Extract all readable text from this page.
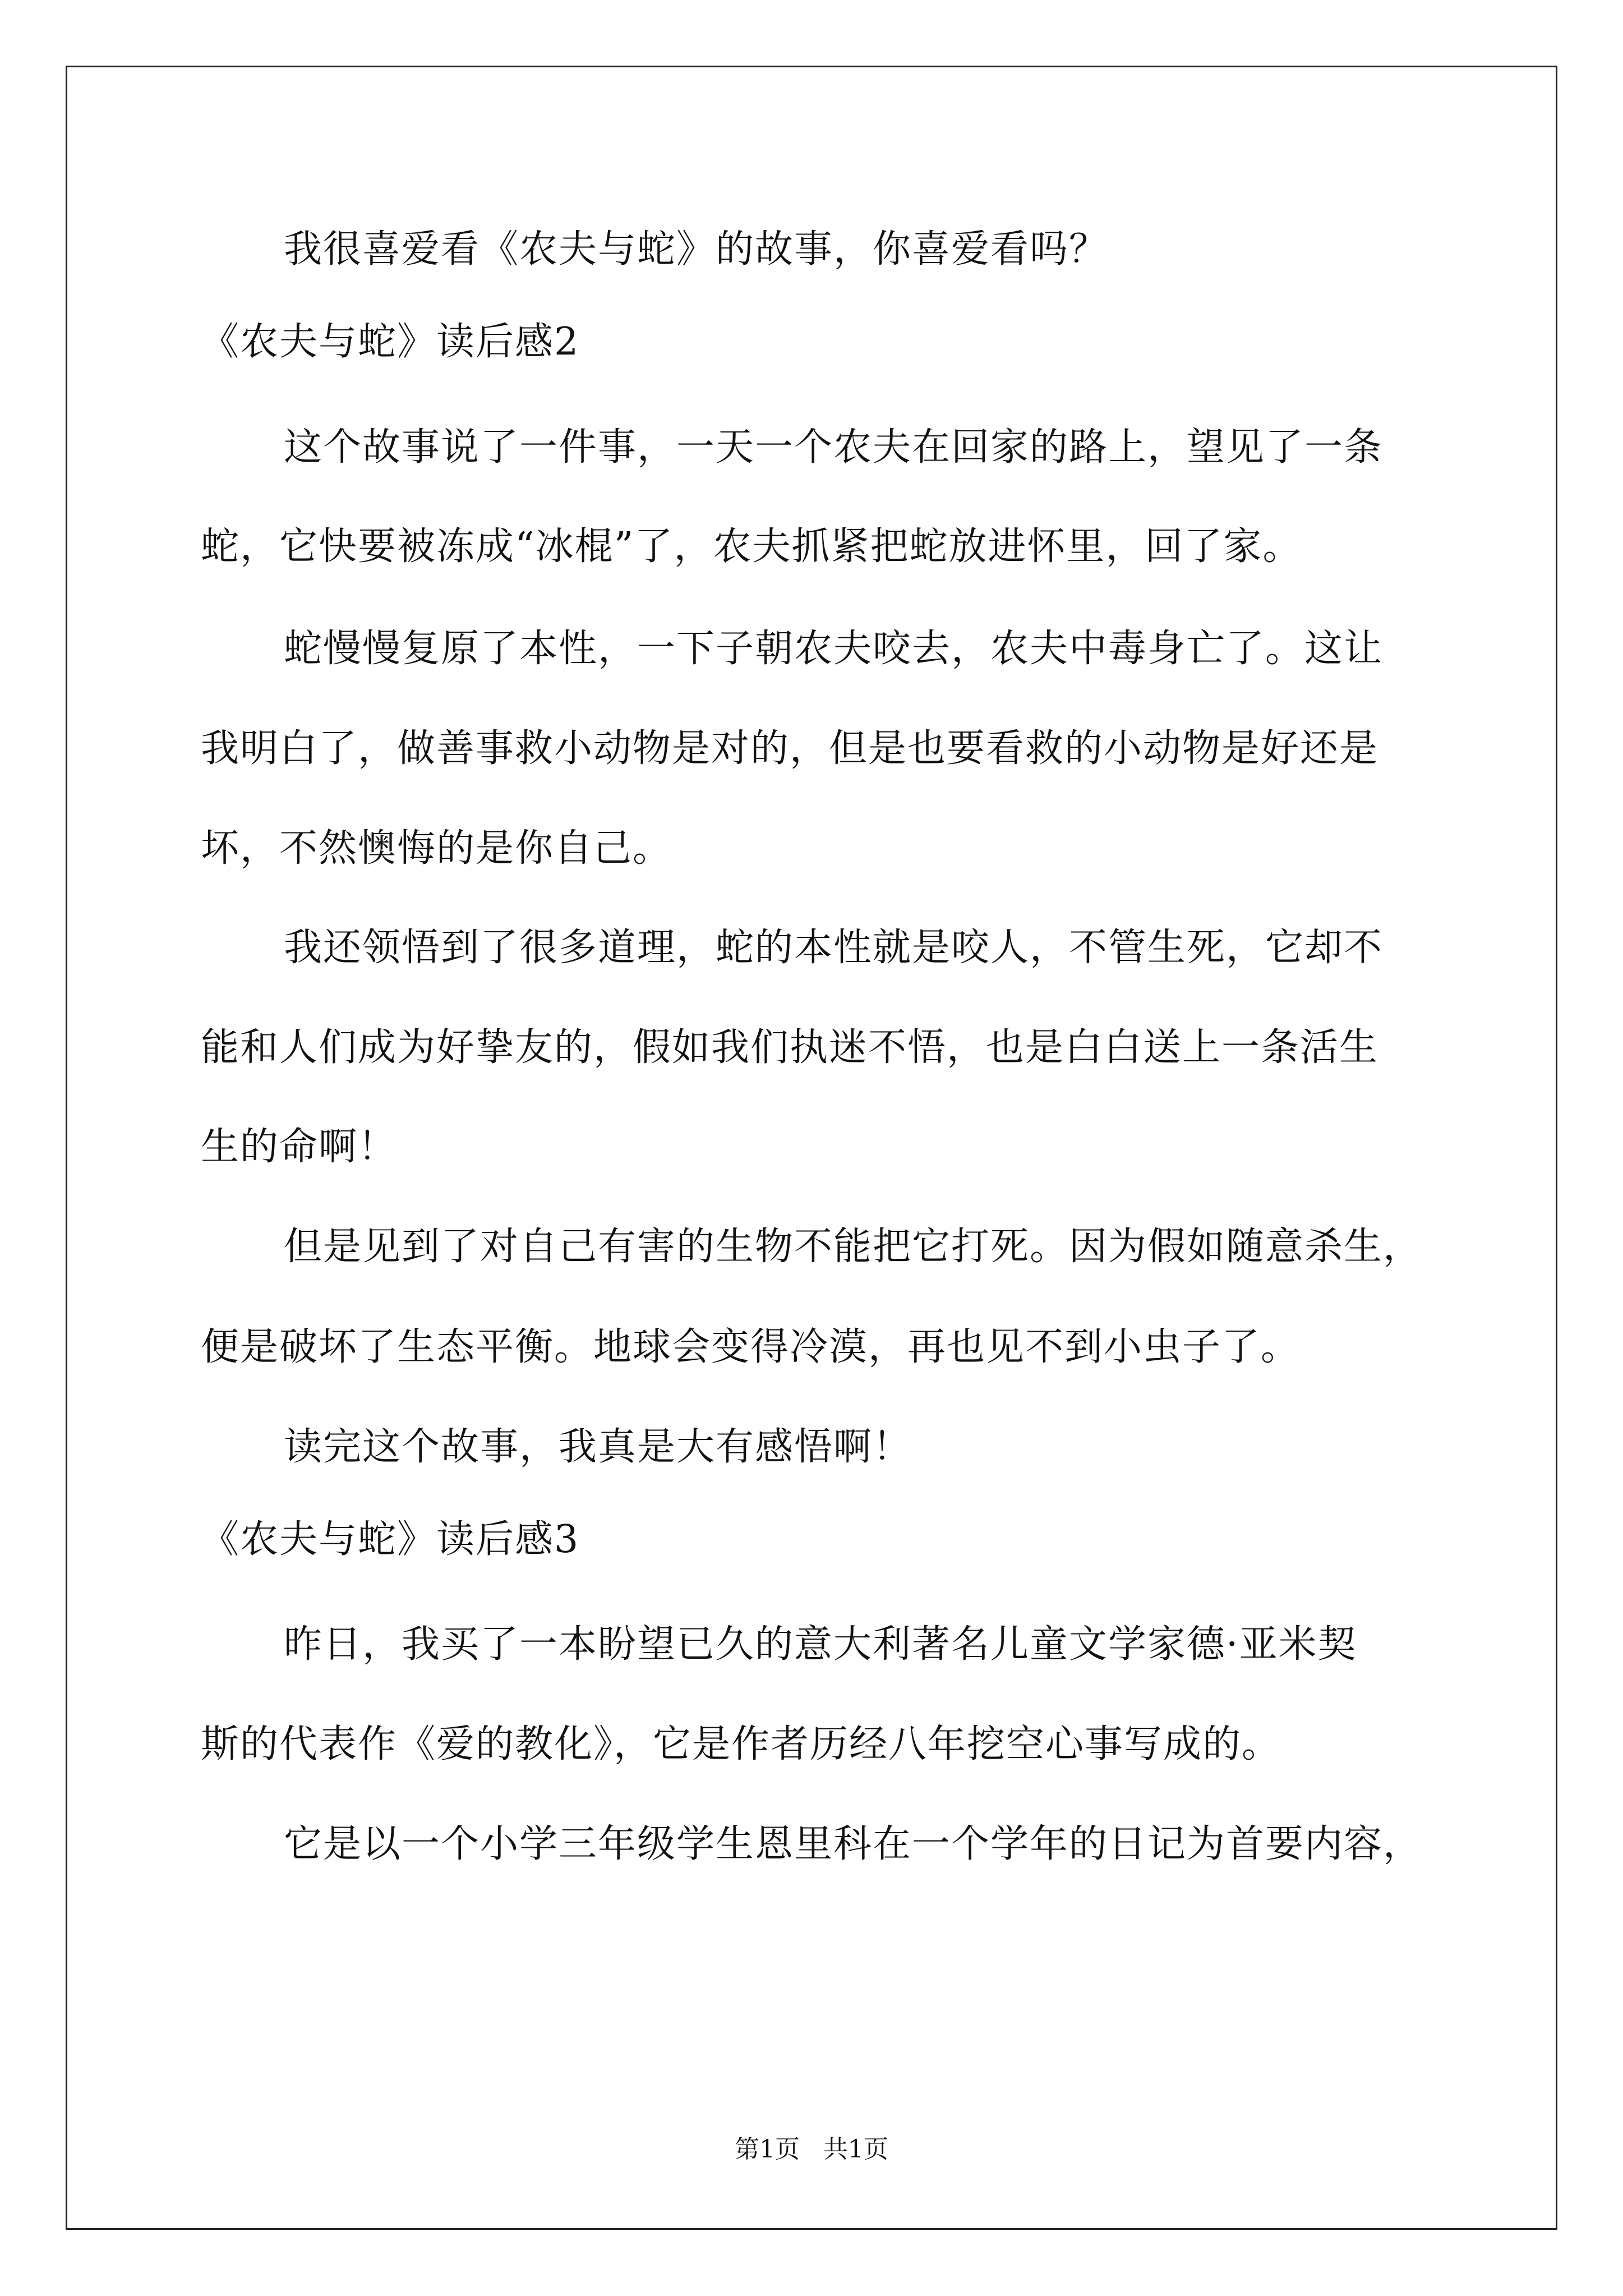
我很喜爱看《农夫与蛇》的故事，你喜爱看吗？
《农夫与蛇》读后感2
这个故事说了一件事，一天一个农夫在回家的路上，望见了一条
蛇，它快要被冻成“冰棍”了，农夫抓紧把蛇放进怀里，回了家。
蛇慢慢复原了本性，一下子朝农夫咬去，农夫中毒身亡了。这让
我明白了，做善事救小动物是对的，但是也要看救的小动物是好还是
坏，不然懊悔的是你自己。
我还领悟到了很多道理，蛇的本性就是咬人，不管生死，它却不
能和人们成为好挚友的，假如我们执迷不悟，也是白白送上一条活生
生的命啊！
但是见到了对自己有害的生物不能把它打死。因为假如随意杀生，
便是破坏了生态平衡。地球会变得冷漠，再也见不到小虫子了。
读完这个故事，我真是大有感悟啊！
《农夫与蛇》读后感3
昨日，我买了一本盼望已久的意大利著名儿童文学家德·亚米契
斯的代表作《爱的教化》，它是作者历经八年挖空心事写成的。
它是以一个小学三年级学生恩里科在一个学年的日记为首要内容，
第1页   共1页
